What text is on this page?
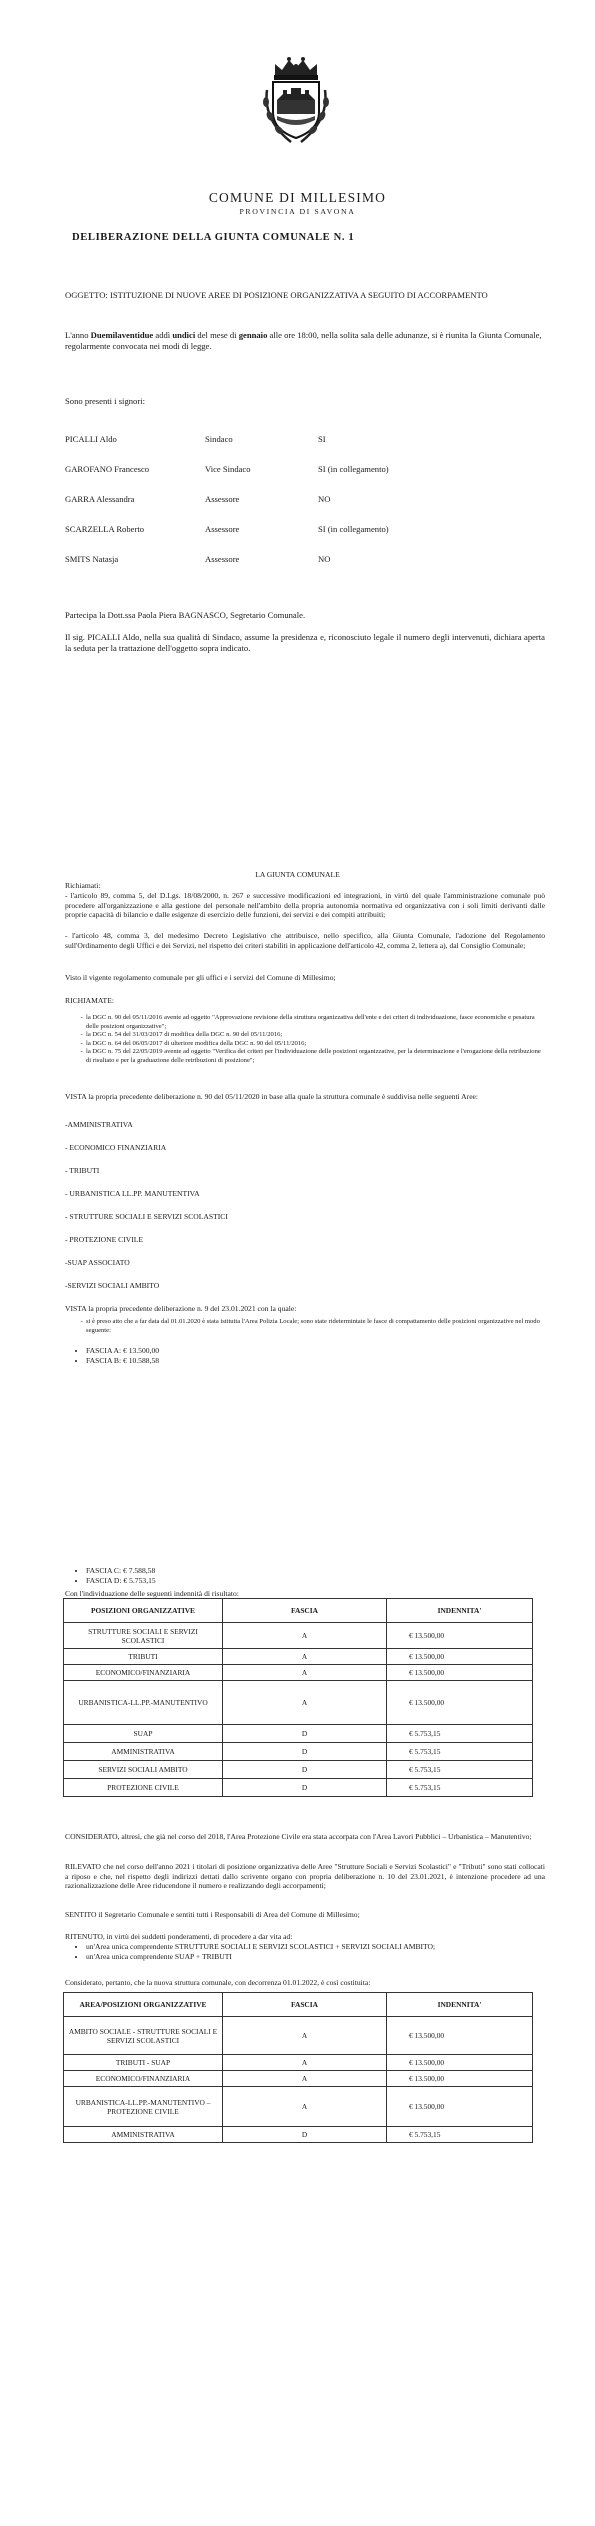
COMUNE DI MILLESIMO
PROVINCIA DI SAVONA
DELIBERAZIONE DELLA GIUNTA COMUNALE N. 1
OGGETTO: ISTITUZIONE DI NUOVE AREE DI POSIZIONE ORGANIZZATIVA A SEGUITO DI ACCORPAMENTO
L'anno Duemilaventidue addì undici del mese di gennaio alle ore 18:00, nella solita sala delle adunanze, si è riunita la Giunta Comunale, regolarmente convocata nei modi di legge.
Sono presenti i signori:
PICALLI Aldo	Sindaco	SI
GAROFANO Francesco	Vice Sindaco	SI (in collegamento)
GARRA Alessandra	Assessore	NO
SCARZELLA Roberto	Assessore	SI (in collegamento)
SMITS Natasja	Assessore	NO
Partecipa la Dott.ssa Paola Piera BAGNASCO, Segretario Comunale.
Il sig. PICALLI Aldo, nella sua qualità di Sindaco, assume la presidenza e, riconosciuto legale il numero degli intervenuti, dichiara aperta la seduta per la trattazione dell'oggetto sopra indicato.
LA GIUNTA COMUNALE
Richiamati:
- l'articolo 89, comma 5, del D.Lgs. 18/08/2000, n. 267 e successive modificazioni ed integrazioni, in virtù del quale l'amministrazione comunale può procedere all'organizzazione e alla gestione del personale nell'ambito della propria autonomia normativa ed organizzativa con i soli limiti derivanti dalle proprie capacità di bilancio e dalle esigenze di esercizio delle funzioni, dei servizi e dei compiti attribuiti;
- l'articolo 48, comma 3, del medesimo Decreto Legislativo che attribuisce, nello specifico, alla Giunta Comunale, l'adozione del Regolamento sull'Ordinamento degli Uffici e dei Servizi, nel rispetto dei criteri stabiliti in applicazione dell'articolo 42, comma 2, lettera a), dal Consiglio Comunale;
Visto il vigente regolamento comunale per gli uffici e i servizi del Comune di Millesimo;
RICHIAMATE:
- la DGC n. 90 del 05/11/2016 avente ad oggetto "Approvazione revisione della struttura organizzativa dell'ente e dei criteri di individuazione, fasce economiche e pesatura delle posizioni organizzative";
- la DGC n. 54 del 31/03/2017 di modifica della DGC n. 90 del 05/11/2016;
- la DGC n. 64 del 06/05/2017 di ulteriore modifica della DGC n. 90 del 05/11/2016;
- la DGC n. 75 del 22/05/2019 avente ad oggetto "Verifica dei criteri per l'individuazione delle posizioni organizzative, per la determinazione e l'erogazione della retribuzione di risultato e per la graduazione delle retribuzioni di posizione";
VISTA la propria precedente deliberazione n. 90 del 05/11/2020 in base alla quale la struttura comunale è suddivisa nelle seguenti Aree:
-AMMINISTRATIVA
- ECONOMICO FINANZIARIA
- TRIBUTI
- URBANISTICA LL.PP. MANUTENTIVA
- STRUTTURE SOCIALI E SERVIZI SCOLASTICI
- PROTEZIONE CIVILE
-SUAP ASSOCIATO
-SERVIZI SOCIALI AMBITO
VISTA la propria precedente deliberazione n. 9 del 23.01.2021 con la quale:
- si è preso atto che a far data dal 01.01.2020 è stata istituita l'Area Polizia Locale; sono state ridetermintate le fasce di compattamento delle posizioni organizzative nel modo seguente:
• FASCIA A: € 13.500,00
• FASCIA B: € 10.588,58
• FASCIA C: € 7.588,58
• FASCIA D: € 5.753,15
Con l'individuazione delle seguenti indennità di risultato:
POSIZIONI ORGANIZZATIVE	FASCIA	INDENNITA'
STRUTTURE SOCIALI E SERVIZI SCOLASTICI	A	€ 13.500,00
TRIBUTI	A	€ 13.500,00
ECONOMICO/FINANZIARIA	A	€ 13.500,00
URBANISTICA-LL.PP.-MANUTENTIVO	A	€ 13.500,00
SUAP	D	€ 5.753,15
AMMINISTRATIVA	D	€ 5.753,15
SERVIZI SOCIALI AMBITO	D	€ 5.753,15
PROTEZIONE CIVILE	D	€ 5.753,15
CONSIDERATO, altresì, che già nel corso del 2018, l'Area Protezione Civile era stata accorpata con l'Area Lavori Pubblici – Urbanistica – Manutentivo;
RILEVATO che nel corso dell'anno 2021 i titolari di posizione organizzativa delle Aree "Strutture Sociali e Servizi Scolastici" e "Tributi" sono stati collocati a riposo e che, nel rispetto degli indirizzi dettati dallo scrivente organo con propria deliberazione n. 10 del 23.01.2021, è intenzione procedere ad una razionalizzazione delle Aree riducendone il numero e realizzando degli accorpamenti;
SENTITO il Segretario Comunale e sentiti tutti i Responsabili di Area del Comune di Millesimo;
RITENUTO, in virtù dei suddetti ponderamenti, di procedere a dar vita ad:
• un'Area unica comprendente STRUTTURE SOCIALI E SERVIZI SCOLASTICI + SERVIZI SOCIALI AMBITO;
• un'Area unica comprendente SUAP + TRIBUTI
Considerato, pertanto, che la nuova struttura comunale, con decorrenza 01.01.2022, è così costituita:
AREA/POSIZIONI ORGANIZZATIVE	FASCIA	INDENNITA'
AMBITO SOCIALE - STRUTTURE SOCIALI E SERVIZI SCOLASTICI	A	€ 13.500,00
TRIBUTI - SUAP	A	€ 13.500,00
ECONOMICO/FINANZIARIA	A	€ 13.500,00
URBANISTICA-LL.PP.-MANUTENTIVO – PROTEZIONE CIVILE	A	€ 13.500,00
AMMINISTRATIVA	D	€ 5.753,15
